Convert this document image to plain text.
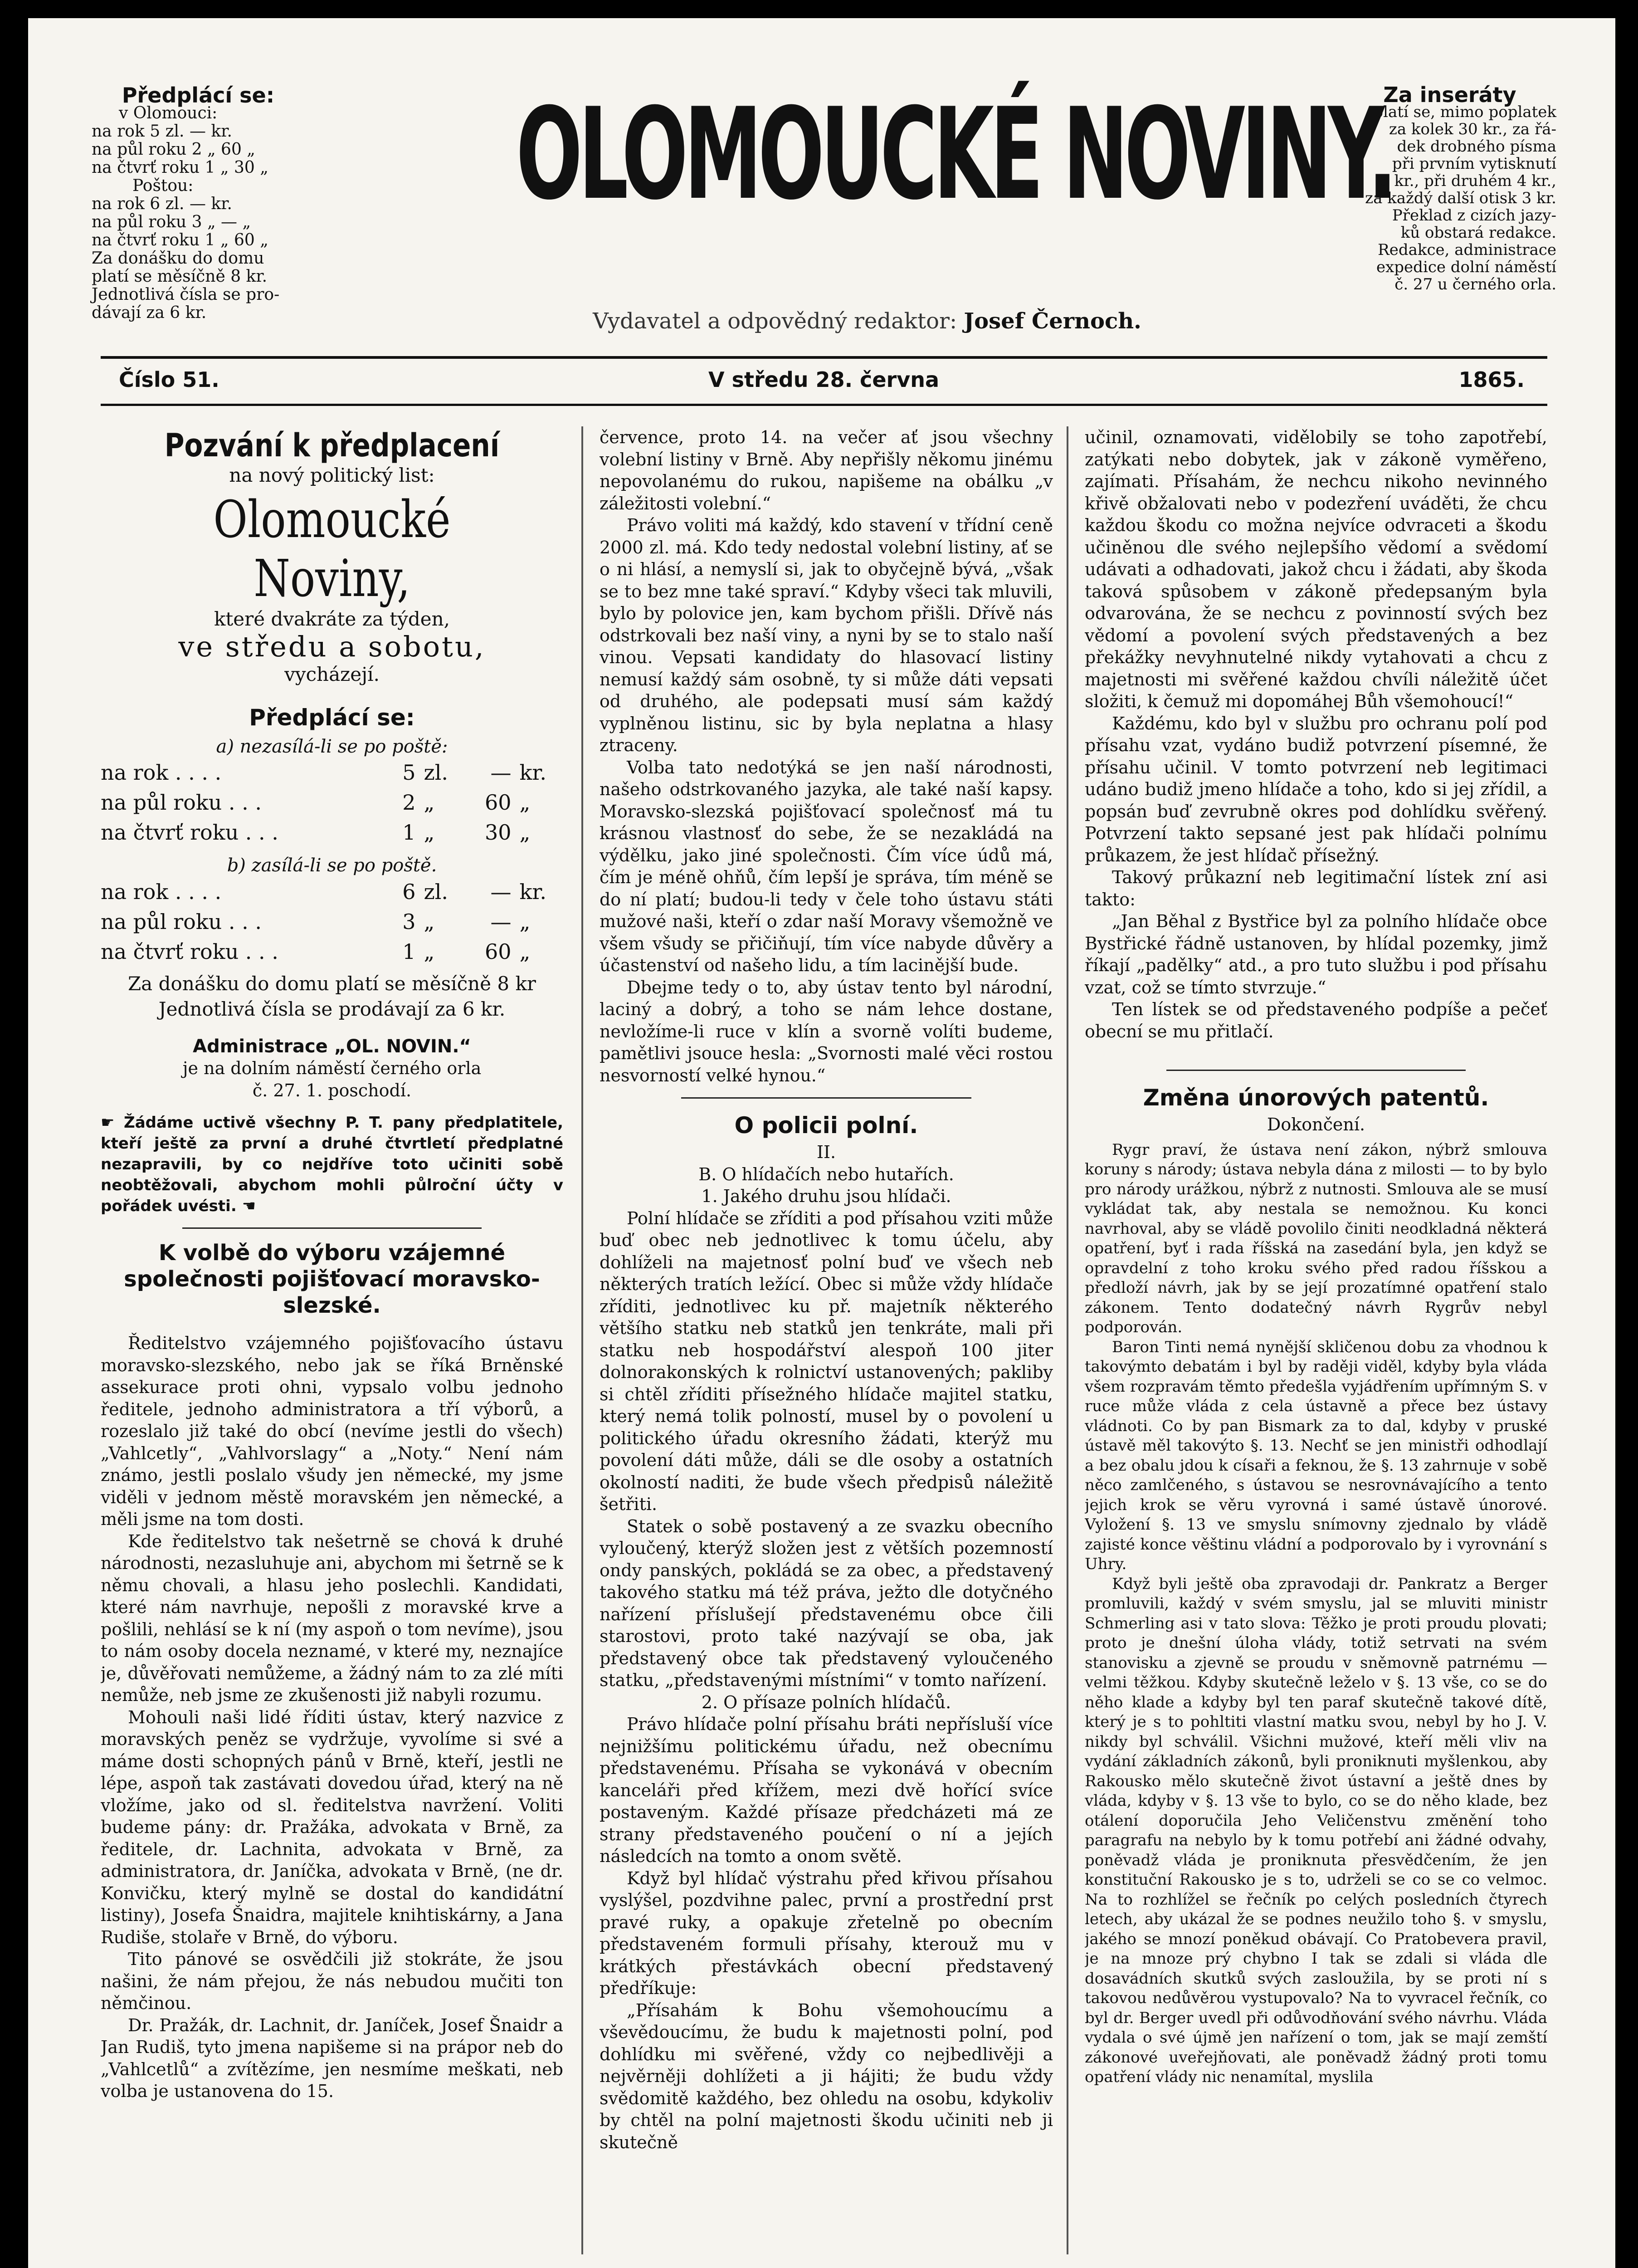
Předplácí se:
v Olomouci:
na rok 5 zl. — kr.
na půl roku 2 „ 60 „
na čtvrť roku 1 „ 30 „
Poštou:
na rok 6 zl. — kr.
na půl roku 3 „ — „
na čtvrť roku 1 „ 60 „
Za donášku do domu
platí se měsíčně 8 kr.
Jednotlivá čísla se pro-
dávají za 6 kr.
OLOMOUCKÉ NOVINY.
Vydavatel a odpovědný redaktor: Josef Černoch.
Za inseráty
platí se, mimo poplatek
za kolek 30 kr., za řá-
dek drobného písma
při prvním vytisknutí
5 kr., při druhém 4 kr.,
za každý další otisk 3 kr.
Překlad z cizích jazy-
ků obstará redakce.
Redakce, administrace
expedice dolní náměstí
č. 27 u černého orla.
Číslo 51.	V středu 28. června	1865.
Pozvání k předplacení
na nový politický list:
Olomoucké Noviny,
které dvakráte za týden,
ve středu a sobotu,
vycházejí.
Předplácí se:
a) nezasílá-li se po poště:
na rok . . . .	5	zl.	—	kr.
na půl roku . . .	2	„	60	„
na čtvrť roku . . .	1	„	30	„
b) zasílá-li se po poště.
na rok . . . .	6	zl.	—	kr.
na půl roku . . .	3	„	—	„
na čtvrť roku . . .	1	„	60	„
Za donášku do domu platí se měsíčně 8 kr
Jednotlivá čísla se prodávají za 6 kr.
Administrace „OL. NOVIN.“
je na dolním náměstí černého orla
č. 27. 1. poschodí.

☛ Žádáme uctivě všechny P. T. pany předplatitele, kteří ještě za první a druhé čtvrtletí předplatné nezapravili, by co nejdříve toto učiniti sobě neobtěžovali, abychom mohli půlroční účty v pořádek uvésti. ☚

K volbě do výboru vzájemné společnosti pojišťovací moravsko-slezské.

Ředitelstvo vzájemného pojišťovacího ústavu moravsko-slezského, nebo jak se říká Brněnské assekurace proti ohni, vypsalo volbu jednoho ředitele, jednoho administratora a tří výborů, a rozeslalo již také do obcí (nevíme jestli do všech) „Vahlcetly“, „Vahlvorslagy“ a „Noty.“ Není nám známo, jestli poslalo všudy jen německé, my jsme viděli v jednom městě moravském jen německé, a měli jsme na tom dosti.

Kde ředitelstvo tak nešetrně se chová k druhé národnosti, nezasluhuje ani, abychom mi šetrně se k němu chovali, a hlasu jeho poslechli. Kandidati, které nám navrhuje, nepošli z moravské krve a pošlili, nehlásí se k ní (my aspoň o tom nevíme), jsou to nám osoby docela neznamé, v které my, neznajíce je, důvěřovati nemůžeme, a žádný nám to za zlé míti nemůže, neb jsme ze zkušenosti již nabyli rozumu.

Mohouli naši lidé říditi ústav, který nazvice z moravských peněz se vydržuje, vyvolíme si své a máme dosti schopných pánů v Brně, kteří, jestli ne lépe, aspoň tak zastávati dovedou úřad, který na ně vložíme, jako od sl. ředitelstva navržení. Voliti budeme pány: dr. Pražáka, advokata v Brně, za ředitele, dr. Lachnita, advokata v Brně, za administratora, dr. Janíčka, advokata v Brně, (ne dr. Konvičku, který mylně se dostal do kandidátní listiny), Josefa Šnaidra, majitele knihtiskárny, a Jana Rudiše, stolaře v Brně, do výboru.

Tito pánové se osvědčili již stokráte, že jsou našini, že nám přejou, že nás nebudou mučiti ton němčinou.

Dr. Pražák, dr. Lachnit, dr. Janíček, Josef Šnaidr a Jan Rudiš, tyto jmena napišeme si na prápor neb do „Vahlcetlů“ a zvítězíme, jen nesmíme meškati, neb volba je ustanovena do 15.

července, proto 14. na večer ať jsou všechny volební listiny v Brně. Aby nepřišly někomu jinému nepovolanému do rukou, napišeme na obálku „v záležitosti volební.“

Právo voliti má každý, kdo stavení v třídní ceně 2000 zl. má. Kdo tedy nedostal volební listiny, ať se o ni hlásí, a nemyslí si, jak to obyčejně bývá, „však se to bez mne také spraví.“ Kdyby všeci tak mluvili, bylo by polovice jen, kam bychom přišli. Dřívě nás odstrkovali bez naší viny, a nyni by se to stalo naší vinou. Vepsati kandidaty do hlasovací listiny nemusí každý sám osobně, ty si může dáti vepsati od druhého, ale podepsati musí sám každý vyplněnou listinu, sic by byla neplatna a hlasy ztraceny.

Volba tato nedotýká se jen naší národnosti, našeho odstrkovaného jazyka, ale také naší kapsy. Moravsko-slezská pojišťovací společnosť má tu krásnou vlastnosť do sebe, že se nezakládá na výdělku, jako jiné společnosti. Čím více údů má, čím je méně ohňů, čím lepší je správa, tím méně se do ní platí; budou-li tedy v čele toho ústavu státi mužové naši, kteří o zdar naší Moravy všemožně ve všem všudy se přičiňují, tím více nabyde důvěry a účastenství od našeho lidu, a tím lacinější bude.

Dbejme tedy o to, aby ústav tento byl národní, laciný a dobrý, a toho se nám lehce dostane, nevložíme-li ruce v klín a svorně volíti budeme, pamětlivi jsouce hesla: „Svornosti malé věci rostou nesvorností velké hynou.“

O policii polní.
II.
B. O hlídačích nebo hutařích.
1. Jakého druhu jsou hlídači.

Polní hlídače se zříditi a pod přísahou vziti může buď obec neb jednotlivec k tomu účelu, aby dohlíželi na majetnosť polní buď ve všech neb některých tratích ležící. Obec si může vždy hlídače zříditi, jednotlivec ku př. majetník některého většího statku neb statků jen tenkráte, mali při statku neb hospodářství alespoň 100 jiter dolnorakonských k rolnictví ustanovených; pakliby si chtěl zříditi přísežného hlídače majitel statku, který nemá tolik polností, musel by o povolení u politického úřadu okresního žádati, kterýž mu povolení dáti může, dáli se dle osoby a ostatních okolností naditi, že bude všech předpisů náležitě šetřiti.

Statek o sobě postavený a ze svazku obecního vyloučený, kterýž složen jest z větších pozemností ondy panských, pokládá se za obec, a představený takového statku má též práva, ježto dle dotyčného nařízení příslušejí představenému obce čili starostovi, proto také nazývají se oba, jak představený obce tak představený vyloučeného statku, „představenými místními“ v tomto nařízení.

2. O přísaze polních hlídačů.

Právo hlídače polní přísahu bráti nepřísluší více nejnižšímu politickému úřadu, než obecnímu představenému. Přísaha se vykonává v obecním kanceláři před křížem, mezi dvě hořící svíce postaveným. Každé přísaze předcházeti má ze strany představeného poučení o ní a jejích následcích na tomto a onom světě.

Když byl hlídač výstrahu před křivou přísahou vyslýšel, pozdvihne palec, první a prostřední prst pravé ruky, a opakuje zřetelně po obecním představeném formuli přísahy, kterouž mu v krátkých přestávkách obecní představený předříkuje:

„Přísahám k Bohu všemohoucímu a vševědoucímu, že budu k majetnosti polní, pod dohlídku mi svěřené, vždy co nejbedlivěji a nejvěrněji dohlížeti a ji hájiti; že budu vždy svědomitě každého, bez ohledu na osobu, kdykoliv by chtěl na polní majetnosti škodu učiniti neb ji skutečně

učinil, oznamovati, vidělobily se toho zapotřebí, zatýkati nebo dobytek, jak v zákoně vyměřeno, zajímati. Přísahám, že nechcu nikoho nevinného křivě obžalovati nebo v podezření uváděti, že chcu každou škodu co možna nejvíce odvraceti a škodu učiněnou dle svého nejlepšího vědomí a svědomí udávati a odhadovati, jakož chcu i žádati, aby škoda taková spůsobem v zákoně předepsaným byla odvarována, že se nechcu z povinností svých bez vědomí a povolení svých představených a bez překážky nevyhnutelné nikdy vytahovati a chcu z majetnosti mi svěřené každou chvíli náležitě účet složiti, k čemuž mi dopomáhej Bůh všemohoucí!“

Každému, kdo byl v službu pro ochranu polí pod přísahu vzat, vydáno budiž potvrzení písemné, že přísahu učinil. V tomto potvrzení neb legitimaci udáno budiž jmeno hlídače a toho, kdo si jej zřídil, a popsán buď zevrubně okres pod dohlídku svěřený. Potvrzení takto sepsané jest pak hlídači polnímu průkazem, že jest hlídač přísežný.

Takový průkazní neb legitimační lístek zní asi takto:

„Jan Běhal z Bystřice byl za polního hlídače obce Bystřické řádně ustanoven, by hlídal pozemky, jimž říkají „padělky“ atd., a pro tuto službu i pod přísahu vzat, což se tímto stvrzuje.“

Ten lístek se od představeného podpíše a pečeť obecní se mu přitlačí.

Změna únorových patentů.
Dokončení.

Rygr praví, že ústava není zákon, nýbrž smlouva koruny s národy; ústava nebyla dána z milosti — to by bylo pro národy urážkou, nýbrž z nutnosti. Smlouva ale se musí vykládat tak, aby nestala se nemožnou. Ku konci navrhoval, aby se vládě povolilo činiti neodkladná některá opatření, byť i rada říšská na zasedání byla, jen když se opravdelní z toho kroku svého před radou říšskou a předloží návrh, jak by se její prozatímné opatření stalo zákonem. Tento dodatečný návrh Rygrův nebyl podporován.

Baron Tinti nemá nynější skličenou dobu za vhodnou k takovýmto debatám i byl by raději viděl, kdyby byla vláda všem rozpravám těmto předešla vyjádřením upřímným S. v ruce může vláda z cela ústavně a přece bez ústavy vládnoti. Co by pan Bismark za to dal, kdyby v pruské ústavě měl takovýto §. 13. Nechť se jen ministři odhodlají a bez obalu jdou k císaři a feknou, že §. 13 zahrnuje v sobě něco zamlčeného, s ústavou se nesrovnávajícího a tento jejich krok se věru vyrovná i samé ústavě únorové. Vyložení §. 13 ve smyslu snímovny zjednalo by vládě zajisté konce věštinu vládní a podporovalo by i vyrovnání s Uhry.

Když byli ještě oba zpravodaji dr. Pankratz a Berger promluvili, každý v svém smyslu, jal se mluviti ministr Schmerling asi v tato slova: Těžko je proti proudu plovati; proto je dnešní úloha vlády, totiž setrvati na svém stanovisku a zjevně se proudu v sněmovně patrnému — velmi těžkou. Kdyby skutečně leželo v §. 13 vše, co se do něho klade a kdyby byl ten paraf skutečně takové dítě, který je s to pohltiti vlastní matku svou, nebyl by ho J. V. nikdy byl schválil. Všichni mužové, kteří měli vliv na vydání základních zákonů, byli proniknuti myšlenkou, aby Rakousko mělo skutečně život ústavní a ještě dnes by vláda, kdyby v §. 13 vše to bylo, co se do něho klade, bez otálení doporučila Jeho Veličenstvu změnění toho paragrafu na nebylo by k tomu potřebí ani žádné odvahy, poněvadž vláda je proniknuta přesvědčením, že jen konstituční Rakousko je s to, udrželi se co se co velmoc. Na to rozhlížel se řečník po celých posledních čtyrech letech, aby ukázal že se podnes neužilo toho §. v smyslu, jakého se mnozí poněkud obávají. Co Pratobevera pravil, je na mnoze prý chybno I tak se zdali si vláda dle dosavádních skutků svých zasloužila, by se proti ní s takovou nedůvěrou vystupovalo? Na to vyvracel řečník, co byl dr. Berger uvedl při odůvodňování svého návrhu. Vláda vydala o své újmě jen nařízení o tom, jak se mají zemští zákonové uveřejňovati, ale poněvadž žádný proti tomu opatření vlády nic nenamítal, myslila
